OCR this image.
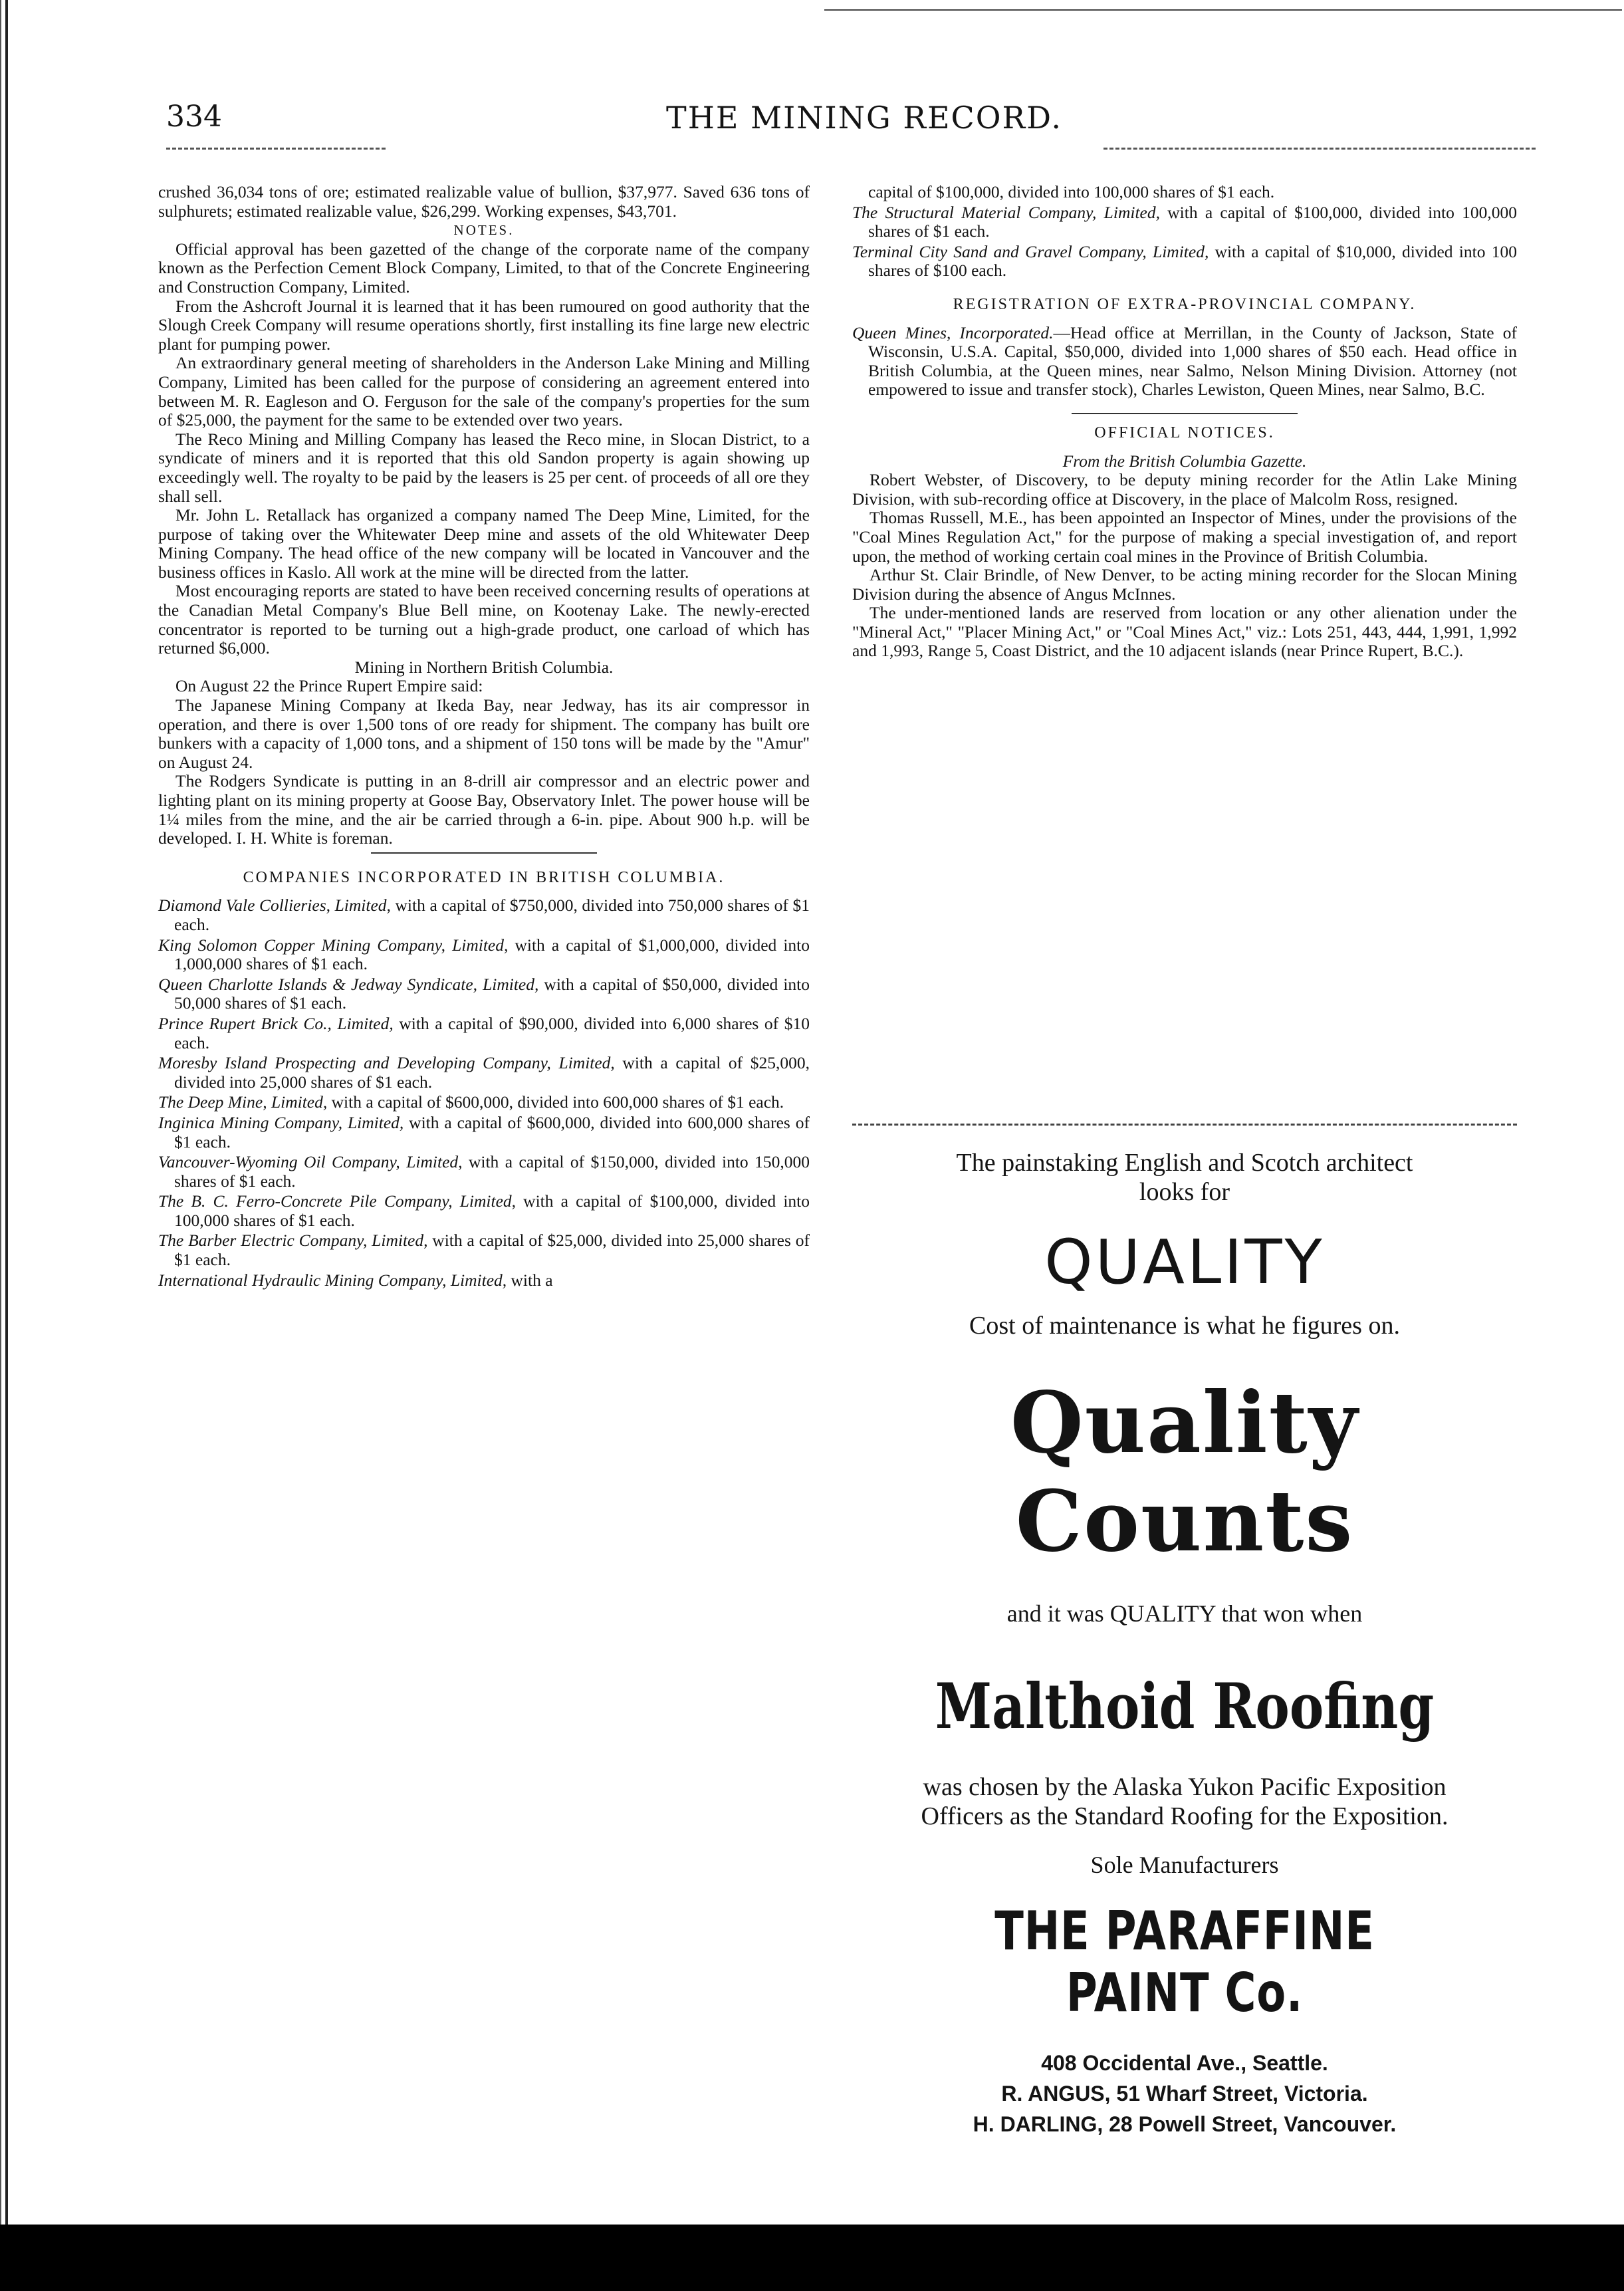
334	THE MINING RECORD.

crushed 36,034 tons of ore; estimated realizable value of bullion, $37,977. Saved 636 tons of sulphurets; estimated realizable value, $26,299. Working expenses, $43,701.

NOTES.

Official approval has been gazetted of the change of the corporate name of the company known as the Perfection Cement Block Company, Limited, to that of the Concrete Engineering and Construction Company, Limited.

From the Ashcroft Journal it is learned that it has been rumoured on good authority that the Slough Creek Company will resume operations shortly, first installing its fine large new electric plant for pumping power.

An extraordinary general meeting of shareholders in the Anderson Lake Mining and Milling Company, Limited has been called for the purpose of considering an agreement entered into between M. R. Eagleson and O. Ferguson for the sale of the company's properties for the sum of $25,000, the payment for the same to be extended over two years.

The Reco Mining and Milling Company has leased the Reco mine, in Slocan District, to a syndicate of miners and it is reported that this old Sandon property is again showing up exceedingly well. The royalty to be paid by the leasers is 25 per cent. of proceeds of all ore they shall sell.

Mr. John L. Retallack has organized a company named The Deep Mine, Limited, for the purpose of taking over the Whitewater Deep mine and assets of the old Whitewater Deep Mining Company. The head office of the new company will be located in Vancouver and the business offices in Kaslo. All work at the mine will be directed from the latter.

Most encouraging reports are stated to have been received concerning results of operations at the Canadian Metal Company's Blue Bell mine, on Kootenay Lake. The newly-erected concentrator is reported to be turning out a high-grade product, one carload of which has returned $6,000.

Mining in Northern British Columbia.

On August 22 the Prince Rupert Empire said:

The Japanese Mining Company at Ikeda Bay, near Jedway, has its air compressor in operation, and there is over 1,500 tons of ore ready for shipment. The company has built ore bunkers with a capacity of 1,000 tons, and a shipment of 150 tons will be made by the "Amur" on August 24.

The Rodgers Syndicate is putting in an 8-drill air compressor and an electric power and lighting plant on its mining property at Goose Bay, Observatory Inlet. The power house will be 1¼ miles from the mine, and the air be carried through a 6-in. pipe. About 900 h.p. will be developed. I. H. White is foreman.

COMPANIES INCORPORATED IN BRITISH COLUMBIA.

Diamond Vale Collieries, Limited, with a capital of $750,000, divided into 750,000 shares of $1 each.

King Solomon Copper Mining Company, Limited, with a capital of $1,000,000, divided into 1,000,000 shares of $1 each.

Queen Charlotte Islands & Jedway Syndicate, Limited, with a capital of $50,000, divided into 50,000 shares of $1 each.

Prince Rupert Brick Co., Limited, with a capital of $90,000, divided into 6,000 shares of $10 each.

Moresby Island Prospecting and Developing Company, Limited, with a capital of $25,000, divided into 25,000 shares of $1 each.

The Deep Mine, Limited, with a capital of $600,000, divided into 600,000 shares of $1 each.

Inginica Mining Company, Limited, with a capital of $600,000, divided into 600,000 shares of $1 each.

Vancouver-Wyoming Oil Company, Limited, with a capital of $150,000, divided into 150,000 shares of $1 each.

The B. C. Ferro-Concrete Pile Company, Limited, with a capital of $100,000, divided into 100,000 shares of $1 each.

The Barber Electric Company, Limited, with a capital of $25,000, divided into 25,000 shares of $1 each.

International Hydraulic Mining Company, Limited, with a

capital of $100,000, divided into 100,000 shares of $1 each.

The Structural Material Company, Limited, with a capital of $100,000, divided into 100,000 shares of $1 each.

Terminal City Sand and Gravel Company, Limited, with a capital of $10,000, divided into 100 shares of $100 each.

REGISTRATION OF EXTRA-PROVINCIAL COMPANY.

Queen Mines, Incorporated.—Head office at Merrillan, in the County of Jackson, State of Wisconsin, U.S.A. Capital, $50,000, divided into 1,000 shares of $50 each. Head office in British Columbia, at the Queen mines, near Salmo, Nelson Mining Division. Attorney (not empowered to issue and transfer stock), Charles Lewiston, Queen Mines, near Salmo, B.C.

OFFICIAL NOTICES.

From the British Columbia Gazette.

Robert Webster, of Discovery, to be deputy mining recorder for the Atlin Lake Mining Division, with sub-recording office at Discovery, in the place of Malcolm Ross, resigned.

Thomas Russell, M.E., has been appointed an Inspector of Mines, under the provisions of the "Coal Mines Regulation Act," for the purpose of making a special investigation of, and report upon, the method of working certain coal mines in the Province of British Columbia.

Arthur St. Clair Brindle, of New Denver, to be acting mining recorder for the Slocan Mining Division during the absence of Angus McInnes.

The under-mentioned lands are reserved from location or any other alienation under the "Mineral Act," "Placer Mining Act," or "Coal Mines Act," viz.: Lots 251, 443, 444, 1,991, 1,992 and 1,993, Range 5, Coast District, and the 10 adjacent islands (near Prince Rupert, B.C.).

The painstaking English and Scotch architect looks for
QUALITY
Cost of maintenance is what he figures on.
Quality Counts
and it was QUALITY that won when
Malthoid Roofing
was chosen by the Alaska Yukon Pacific Exposition Officers as the Standard Roofing for the Exposition.
Sole Manufacturers
THE PARAFFINE PAINT Co.
408 Occidental Ave., Seattle.
R. ANGUS, 51 Wharf Street, Victoria.
H. DARLING, 28 Powell Street, Vancouver.
